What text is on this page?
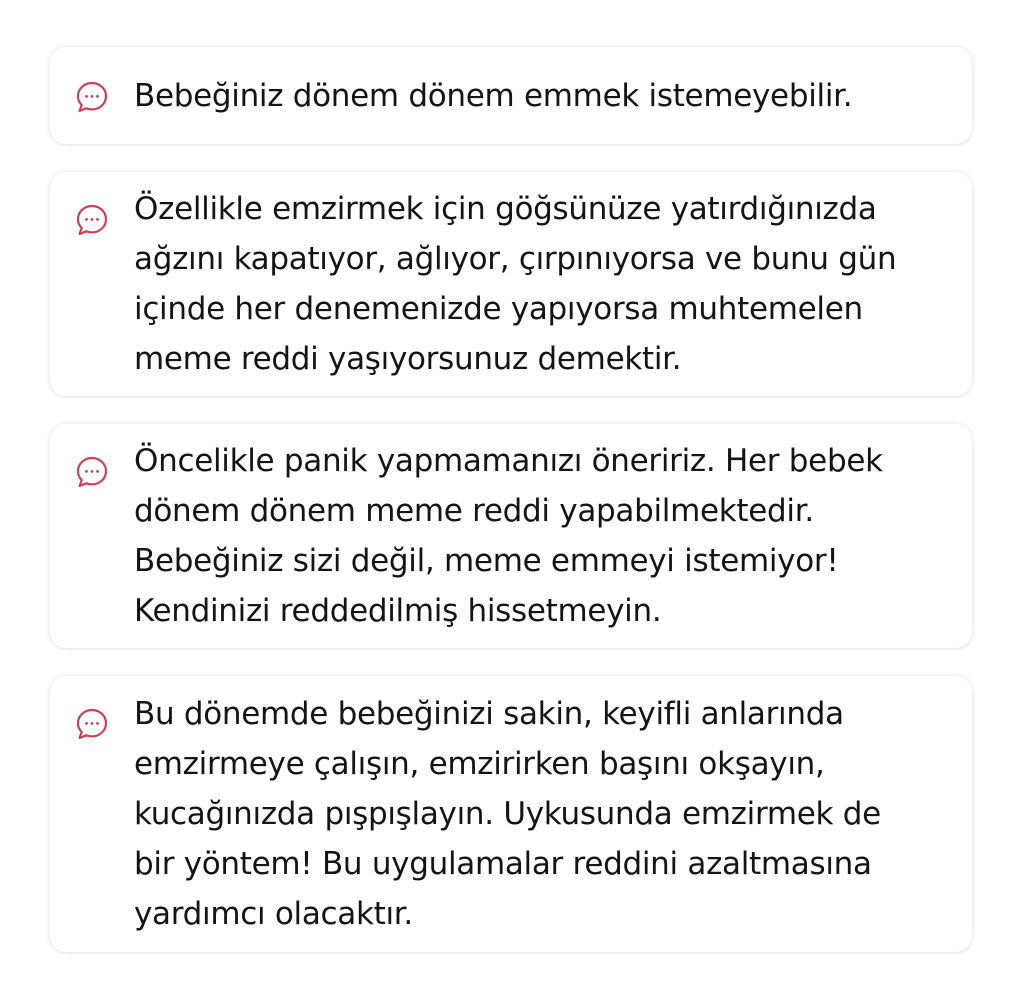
Bebeğiniz dönem dönem emmek istemeyebilir.

Özellikle emzirmek için göğsünüze yatırdığınızda
ağzını kapatıyor, ağlıyor, çırpınıyorsa ve bunu gün
içinde her denemenizde yapıyorsa muhtemelen
meme reddi yaşıyorsunuz demektir.

Öncelikle panik yapmamanızı öneririz. Her bebek
dönem dönem meme reddi yapabilmektedir.
Bebeğiniz sizi değil, meme emmeyi istemiyor!
Kendinizi reddedilmiş hissetmeyin.

Bu dönemde bebeğinizi sakin, keyifli anlarında
emzirmeye çalışın, emzirirken başını okşayın,
kucağınızda pışpışlayın. Uykusunda emzirmek de
bir yöntem! Bu uygulamalar reddini azaltmasına
yardımcı olacaktır.
